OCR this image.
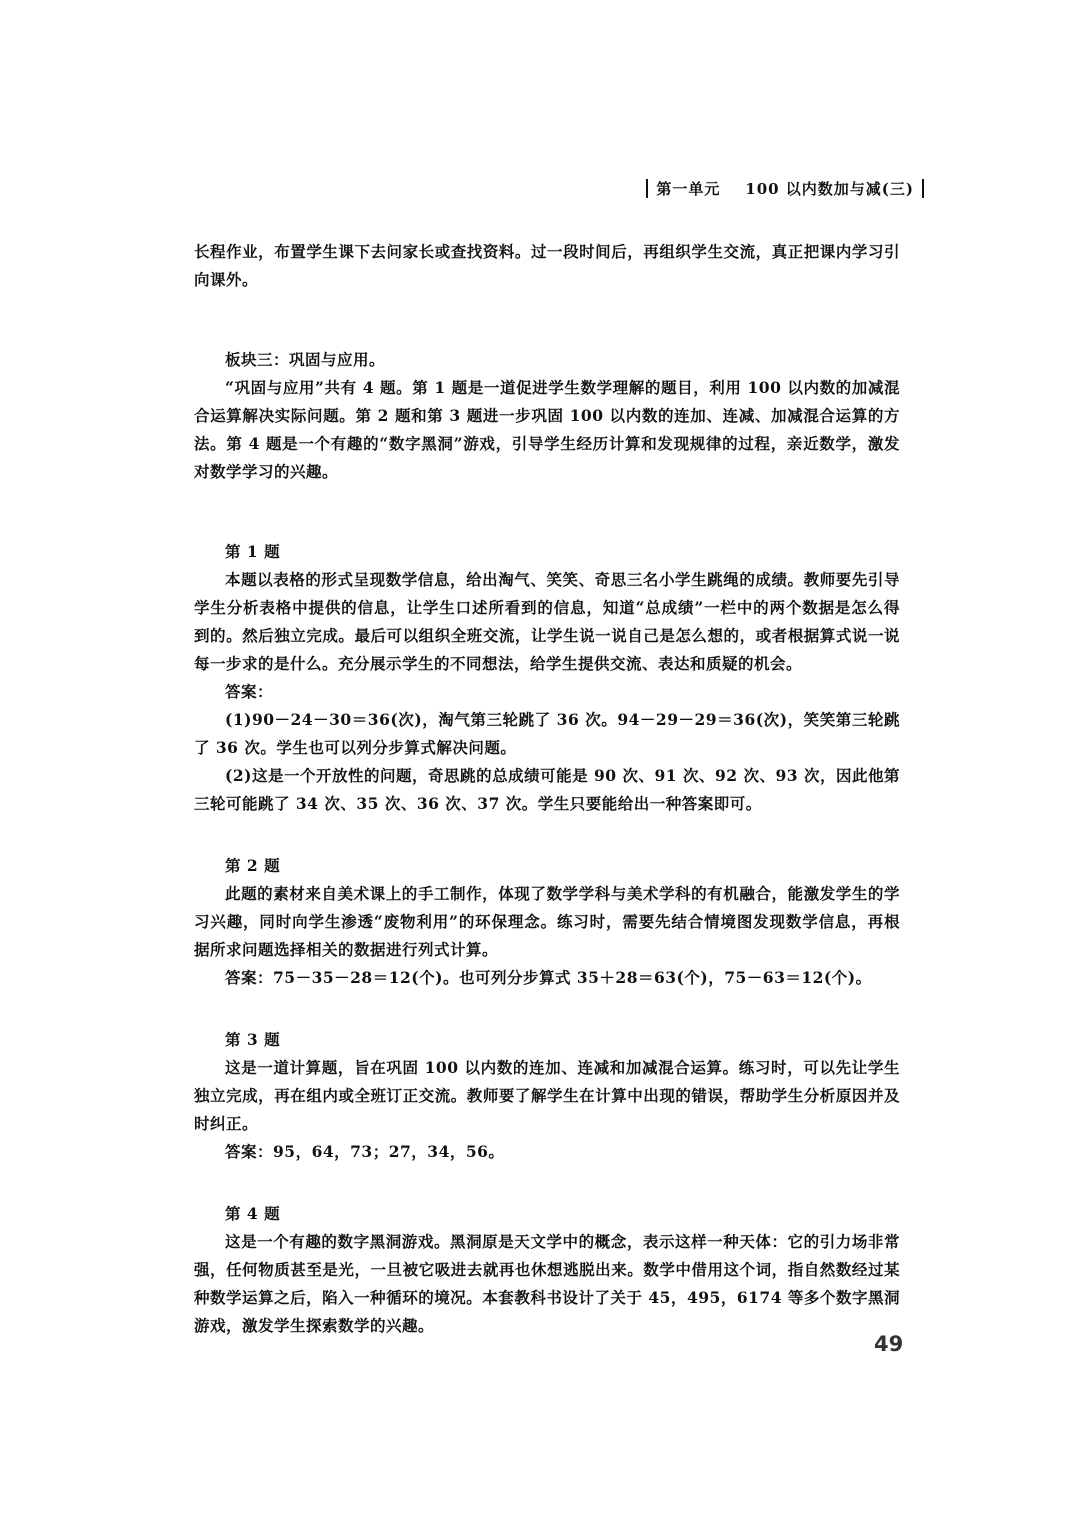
第一单元 100 以内数加与减(三)

长程作业，布置学生课下去问家长或查找资料。过一段时间后，再组织学生交流，真正把课内学习引向课外。

板块三：巩固与应用。

“巩固与应用”共有 4 题。第 1 题是一道促进学生数学理解的题目，利用 100 以内数的加减混合运算解决实际问题。第 2 题和第 3 题进一步巩固 100 以内数的连加、连减、加减混合运算的方法。第 4 题是一个有趣的“数字黑洞”游戏，引导学生经历计算和发现规律的过程，亲近数学，激发对数学学习的兴趣。

第 1 题

本题以表格的形式呈现数学信息，给出淘气、笑笑、奇思三名小学生跳绳的成绩。教师要先引导学生分析表格中提供的信息，让学生口述所看到的信息，知道“总成绩”一栏中的两个数据是怎么得到的。然后独立完成。最后可以组织全班交流，让学生说一说自己是怎么想的，或者根据算式说一说每一步求的是什么。充分展示学生的不同想法，给学生提供交流、表达和质疑的机会。

答案：

(1)90－24－30＝36(次)，淘气第三轮跳了 36 次。94－29－29＝36(次)，笑笑第三轮跳了 36 次。学生也可以列分步算式解决问题。

(2)这是一个开放性的问题，奇思跳的总成绩可能是 90 次、91 次、92 次、93 次，因此他第三轮可能跳了 34 次、35 次、36 次、37 次。学生只要能给出一种答案即可。

第 2 题

此题的素材来自美术课上的手工制作，体现了数学学科与美术学科的有机融合，能激发学生的学习兴趣，同时向学生渗透“废物利用”的环保理念。练习时，需要先结合情境图发现数学信息，再根据所求问题选择相关的数据进行列式计算。

答案：75－35－28＝12(个)。也可列分步算式 35＋28＝63(个)，75－63＝12(个)。

第 3 题

这是一道计算题，旨在巩固 100 以内数的连加、连减和加减混合运算。练习时，可以先让学生独立完成，再在组内或全班订正交流。教师要了解学生在计算中出现的错误，帮助学生分析原因并及时纠正。

答案：95，64，73；27，34，56。

第 4 题

这是一个有趣的数字黑洞游戏。黑洞原是天文学中的概念，表示这样一种天体：它的引力场非常强，任何物质甚至是光，一旦被它吸进去就再也休想逃脱出来。数学中借用这个词，指自然数经过某种数学运算之后，陷入一种循环的境况。本套教科书设计了关于 45，495，6174 等多个数字黑洞游戏，激发学生探索数学的兴趣。

49
